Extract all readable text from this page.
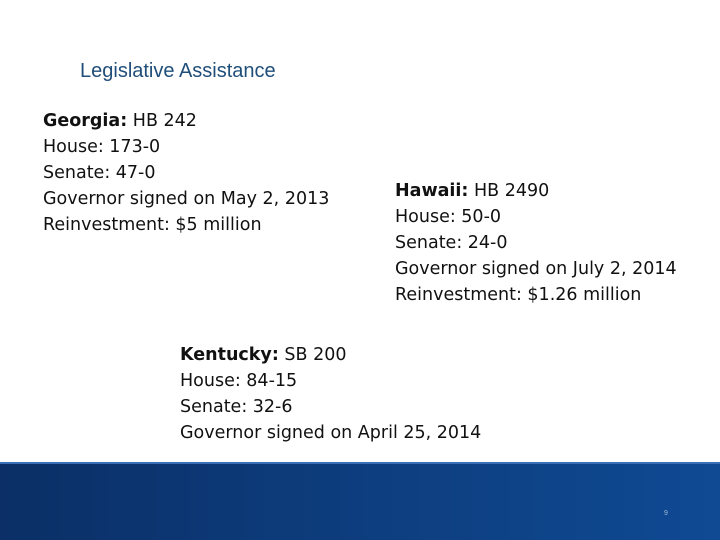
Legislative Assistance
Georgia: HB 242
House: 173-0
Senate: 47-0
Governor signed on May 2, 2013
Reinvestment: $5 million
Hawaii: HB 2490
House: 50-0
Senate: 24-0
Governor signed on July 2, 2014
Reinvestment: $1.26 million
Kentucky: SB 200
House: 84-15
Senate: 32-6
Governor signed on April 25, 2014
9
